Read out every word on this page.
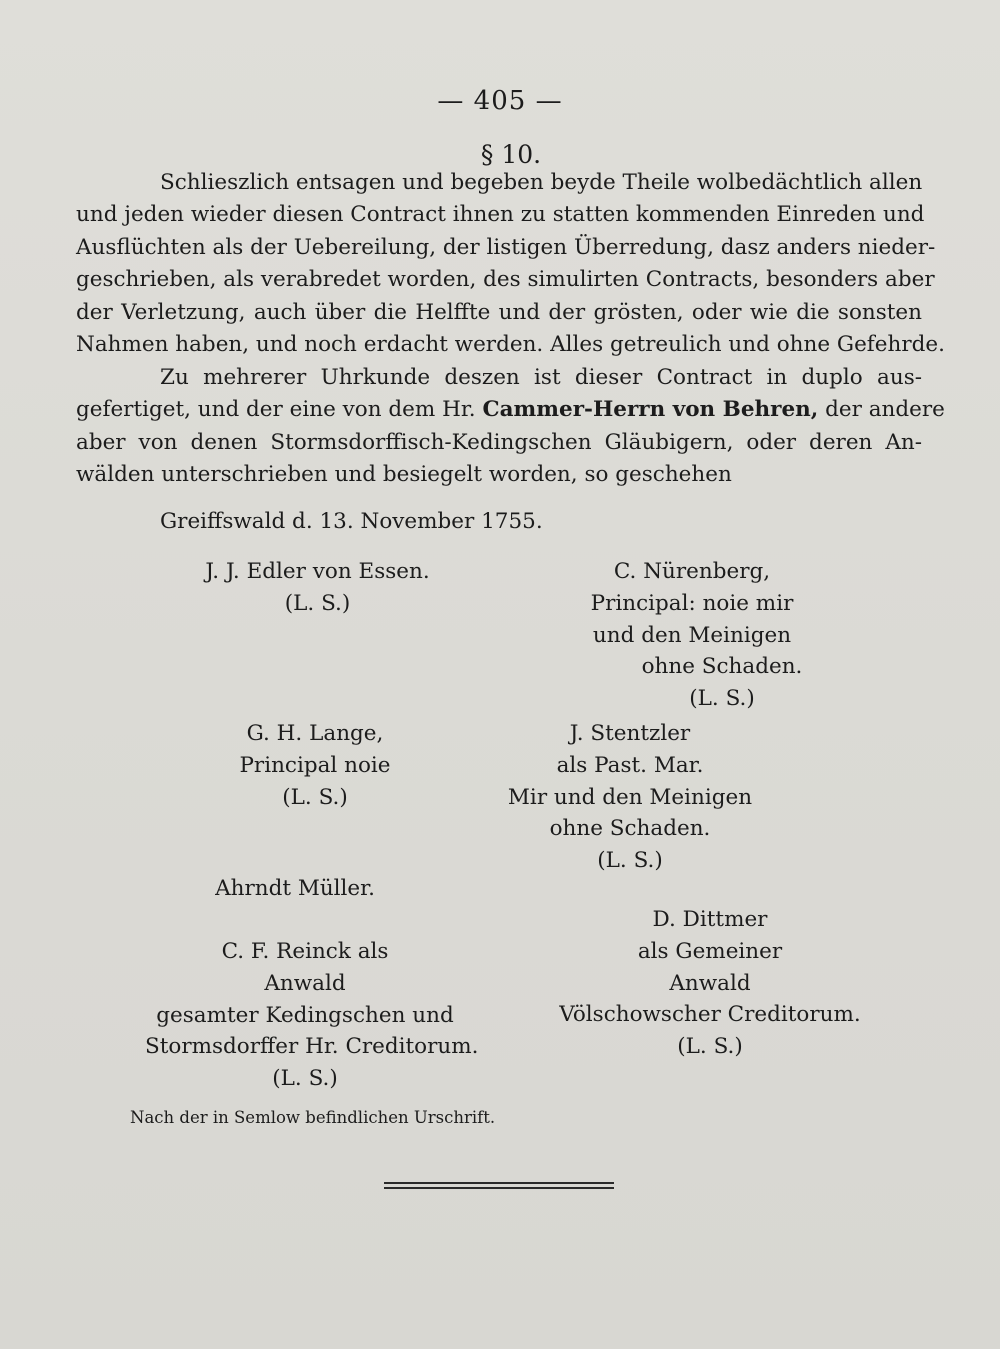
— 405 —
§ 10.
Schlieszlich entsagen und begeben beyde Theile wolbedächtlich allen
und jeden wieder diesen Contract ihnen zu statten kommenden Einreden und
Ausflüchten als der Uebereilung, der listigen Überredung, dasz anders nieder-
geschrieben, als verabredet worden, des simulirten Contracts, besonders aber
der Verletzung, auch über die Helffte und der grösten, oder wie die sonsten
Nahmen haben, und noch erdacht werden. Alles getreulich und ohne Gefehrde.
Zu mehrerer Uhrkunde deszen ist dieser Contract in duplo aus-
gefertiget, und der eine von dem Hr. Cammer-Herrn von Behren, der andere
aber von denen Stormsdorffisch-Kedingschen Gläubigern, oder deren An-
wälden unterschrieben und besiegelt worden, so geschehen
Greiffswald d. 13. November 1755.
J. J. Edler von Essen.
(L. S.)
C. Nürenberg,
Principal: noie mir
und den Meinigen
ohne Schaden.
(L. S.)
G. H. Lange,
Principal noie
(L. S.)
J. Stentzler
als Past. Mar.
Mir und den Meinigen
ohne Schaden.
(L. S.)
Ahrndt Müller.
D. Dittmer
als Gemeiner
Anwald
Völschowscher Creditorum.
(L. S.)
C. F. Reinck als
Anwald
gesamter Kedingschen und
Stormsdorffer Hr. Creditorum.
(L. S.)
Nach der in Semlow befindlichen Urschrift.
